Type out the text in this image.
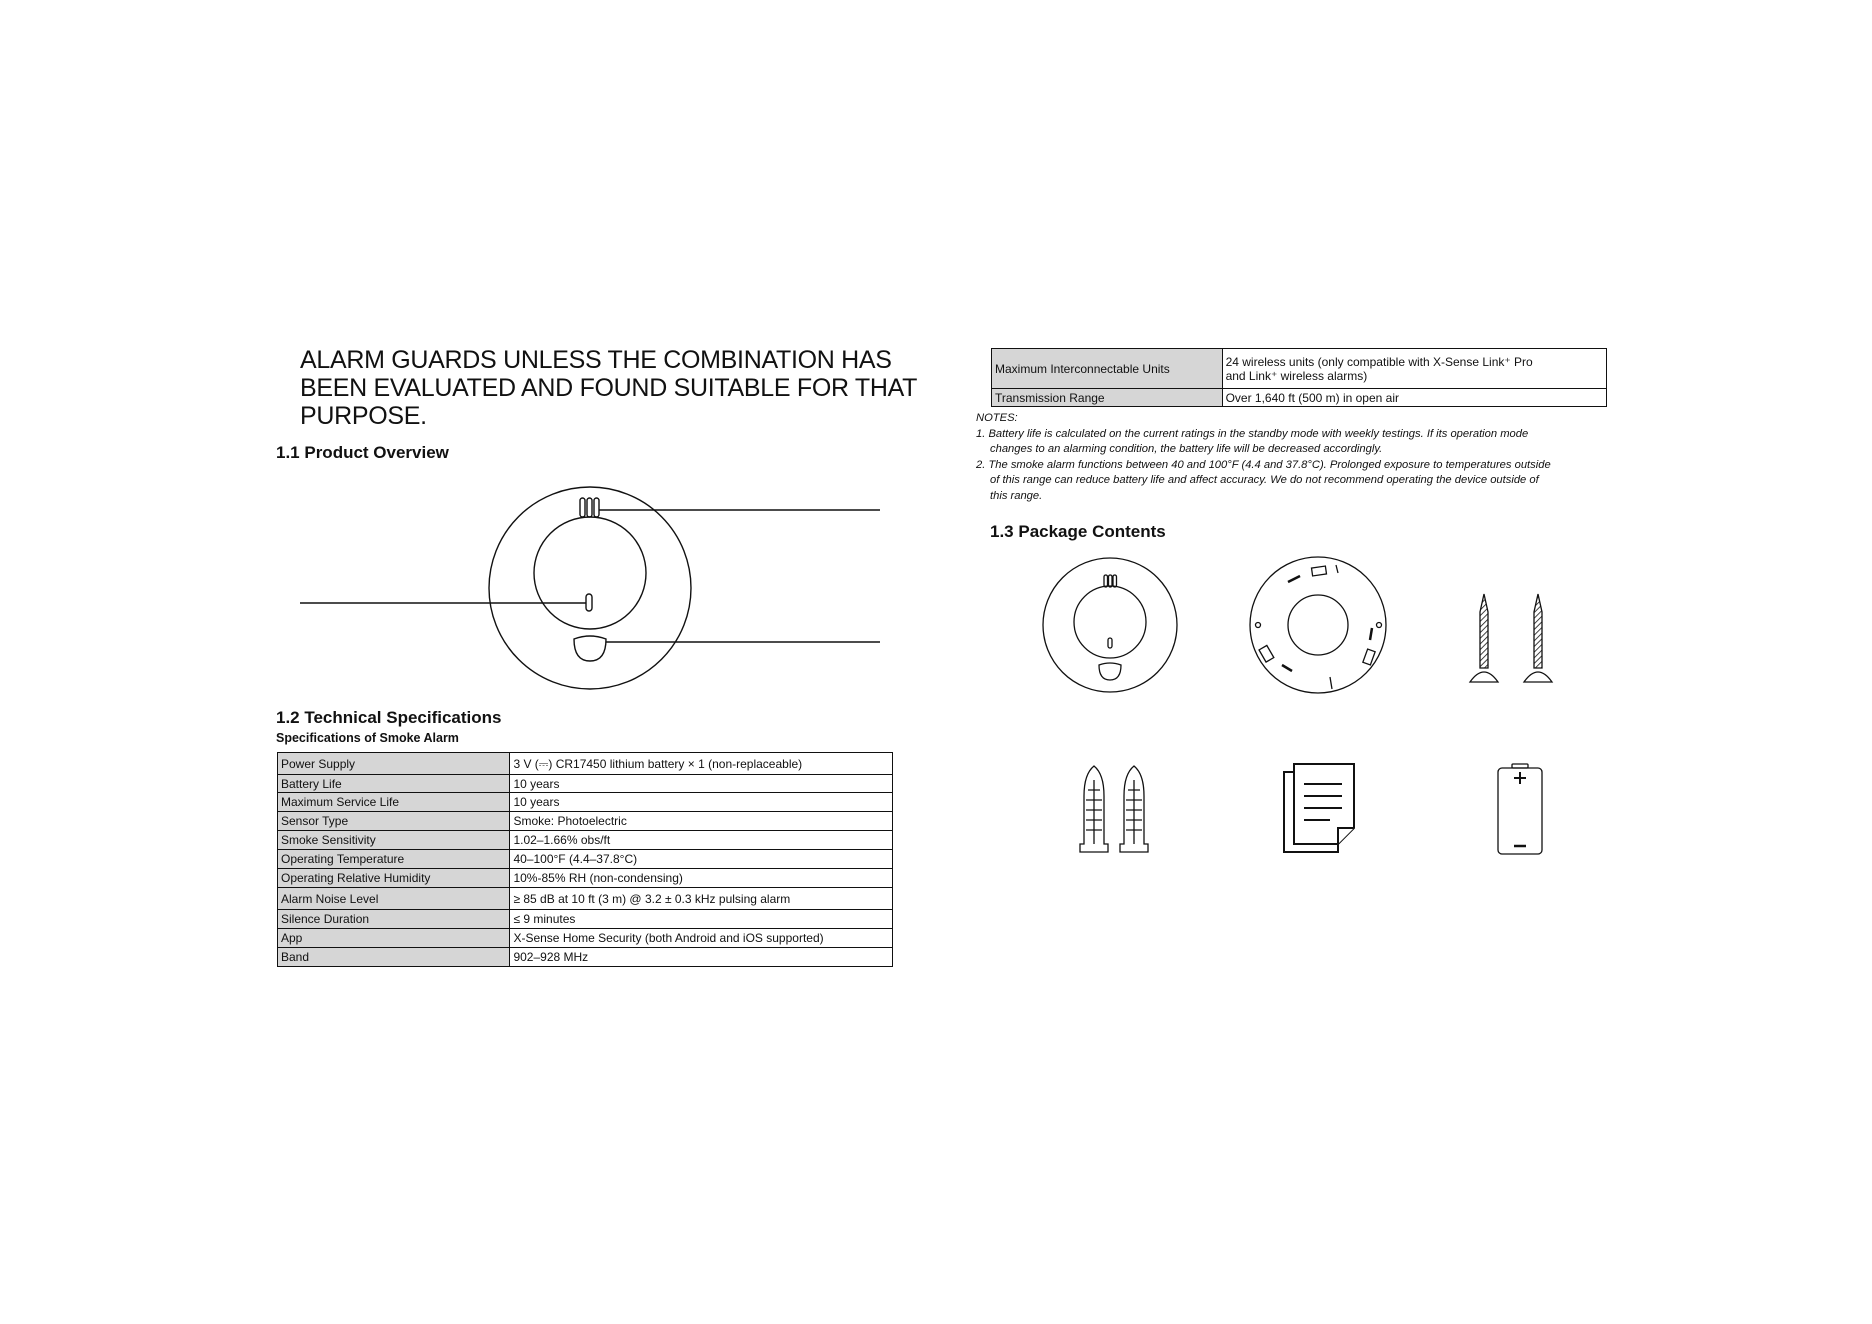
ALARM GUARDS UNLESS THE COMBINATION HAS
BEEN EVALUATED AND FOUND SUITABLE FOR THAT
PURPOSE.
1.1 Product Overview
1.2 Technical Specifications
Specifications of Smoke Alarm
Power Supply	3 V (⎓) CR17450 lithium battery × 1 (non-replaceable)
Battery Life	10 years
Maximum Service Life	10 years
Sensor Type	Smoke: Photoelectric
Smoke Sensitivity	1.02–1.66% obs/ft
Operating Temperature	40–100°F (4.4–37.8°C)
Operating Relative Humidity	10%-85% RH (non-condensing)
Alarm Noise Level	≥ 85 dB at 10 ft (3 m) @ 3.2 ± 0.3 kHz pulsing alarm
Silence Duration	≤ 9 minutes
App	X-Sense Home Security (both Android and iOS supported)
Band	902–928 MHz
Maximum Interconnectable Units	24 wireless units (only compatible with X-Sense Link⁺ Pro
and Link⁺ wireless alarms)

Transmission Range	Over 1,640 ft (500 m) in open air
NOTES:
1. Battery life is calculated on the current ratings in the standby mode with weekly testings. If its operation mode
changes to an alarming condition, the battery life will be decreased accordingly.
2. The smoke alarm functions between 40 and 100°F (4.4 and 37.8°C). Prolonged exposure to temperatures outside
of this range can reduce battery life and affect accuracy. We do not recommend operating the device outside of
this range.
1.3 Package Contents
